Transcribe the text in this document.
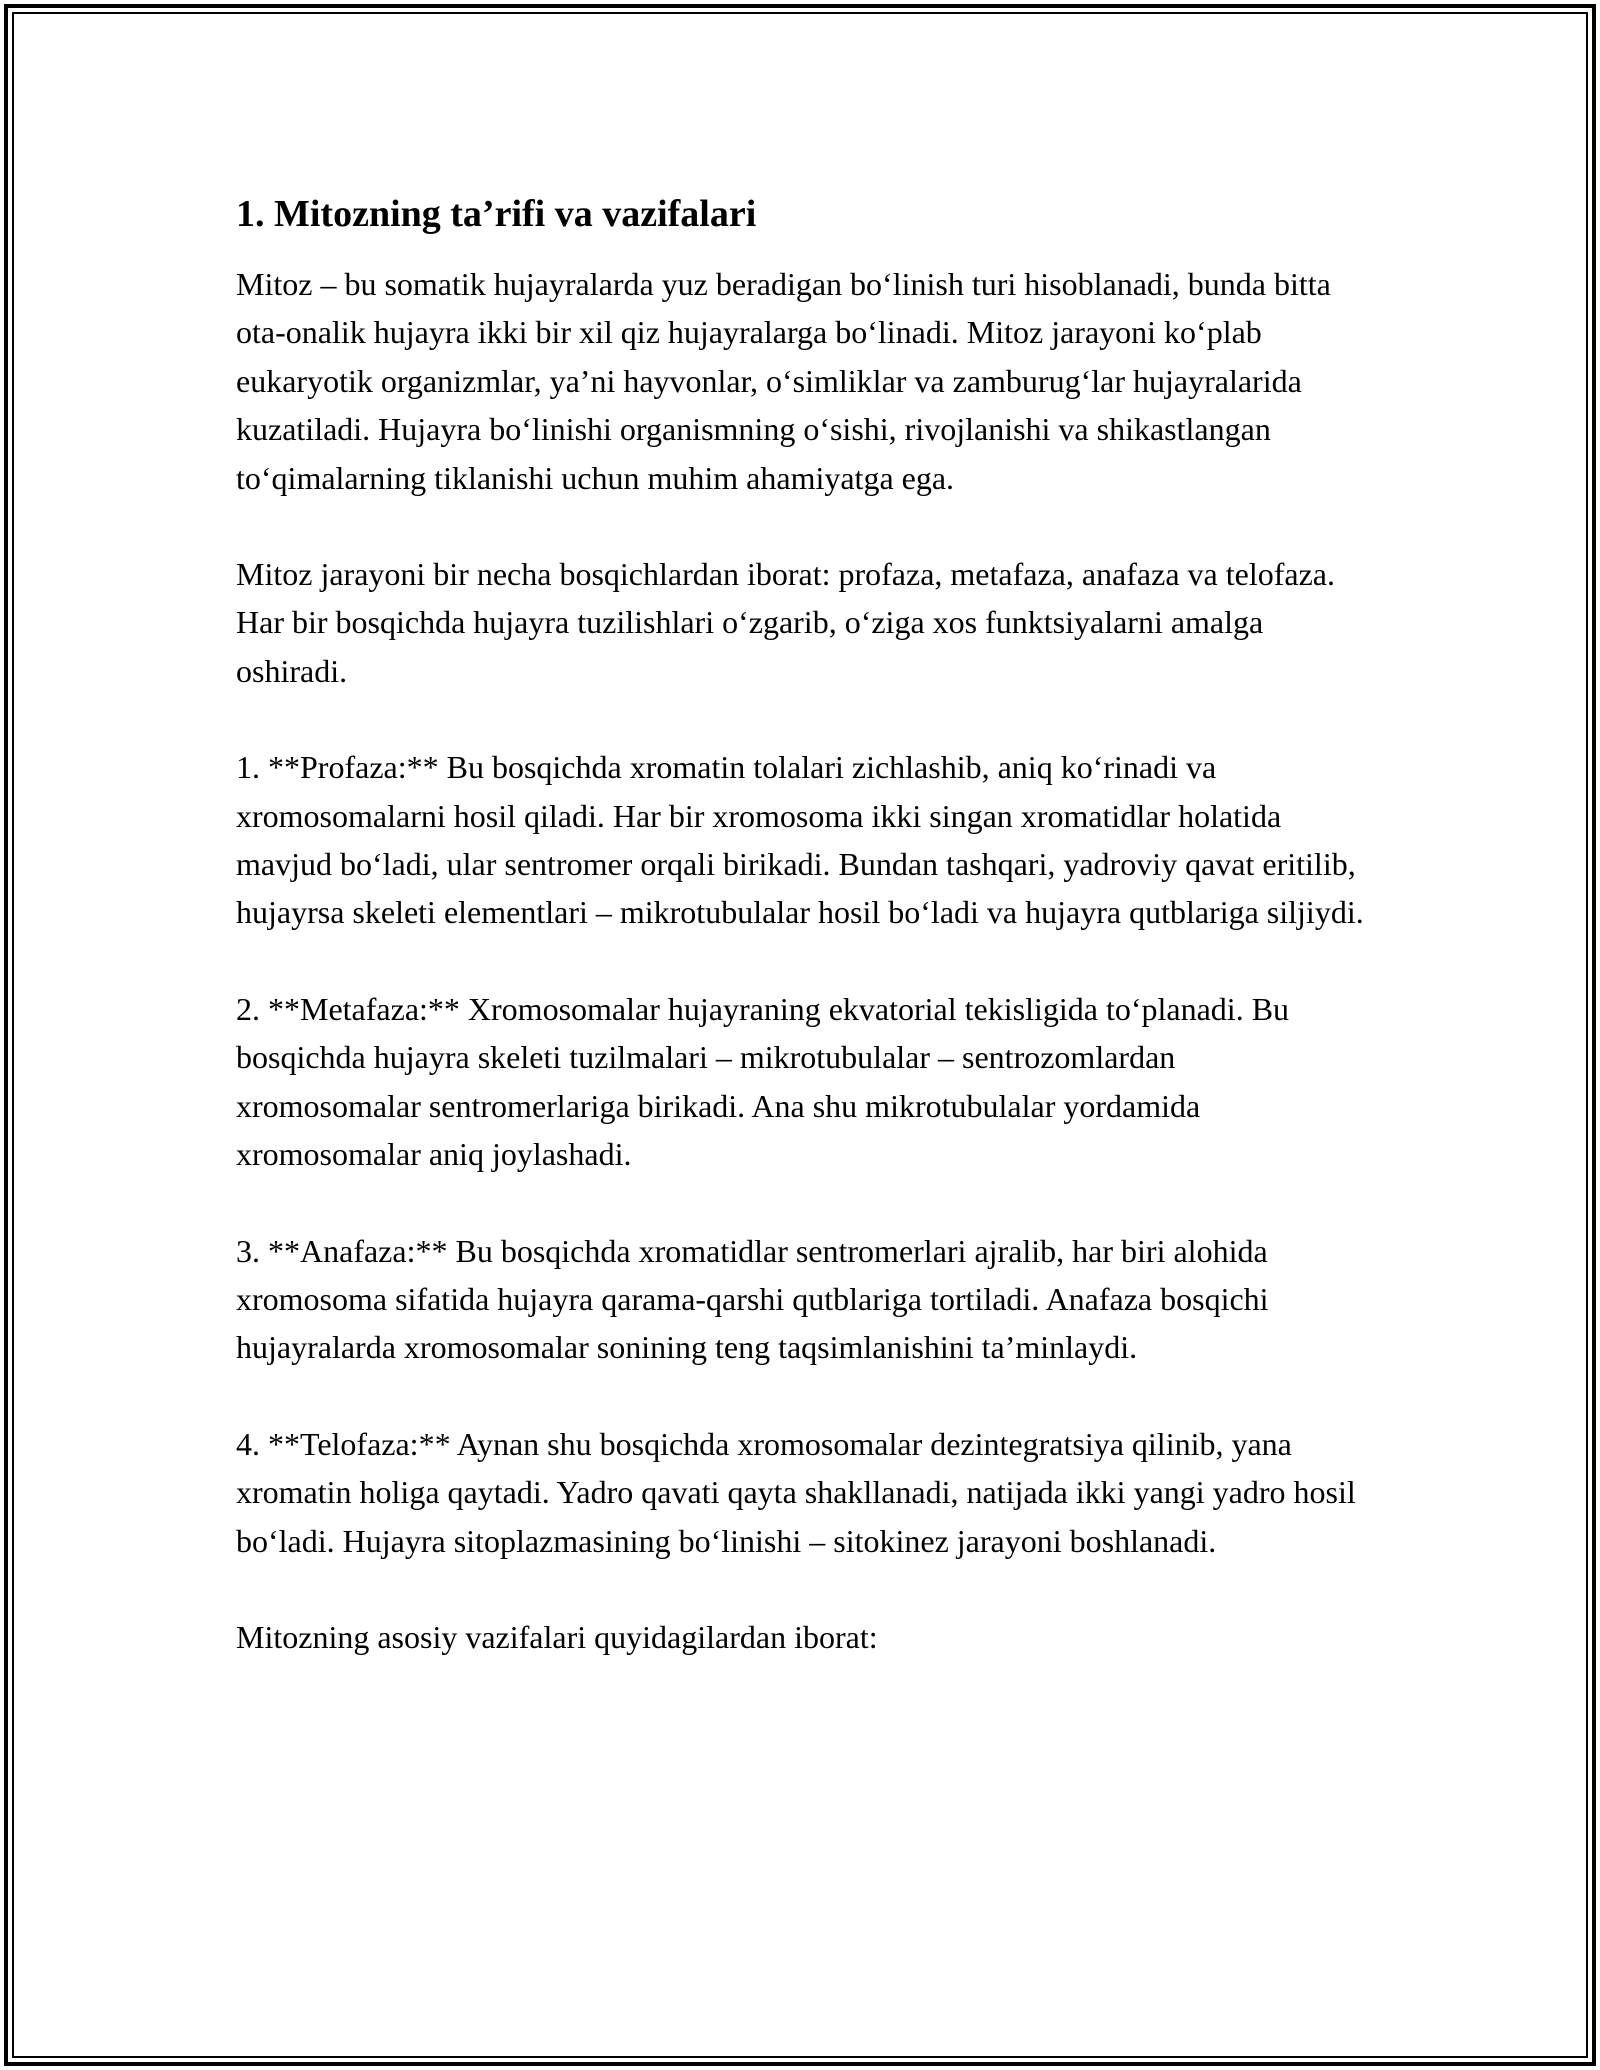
1. Mitozning ta’rifi va vazifalari

Mitoz – bu somatik hujayralarda yuz beradigan bo‘linish turi hisoblanadi, bunda bitta ota-onalik hujayra ikki bir xil qiz hujayralarga bo‘linadi. Mitoz jarayoni ko‘plab eukaryotik organizmlar, ya’ni hayvonlar, o‘simliklar va zamburug‘lar hujayralarida kuzatiladi. Hujayra bo‘linishi organismning o‘sishi, rivojlanishi va shikastlangan to‘qimalarning tiklanishi uchun muhim ahamiyatga ega.

Mitoz jarayoni bir necha bosqichlardan iborat: profaza, metafaza, anafaza va telofaza. Har bir bosqichda hujayra tuzilishlari o‘zgarib, o‘ziga xos funktsiyalarni amalga oshiradi.

1. **Profaza:** Bu bosqichda xromatin tolalari zichlashib, aniq ko‘rinadi va xromosomalarni hosil qiladi. Har bir xromosoma ikki singan xromatidlar holatida mavjud bo‘ladi, ular sentromer orqali birikadi. Bundan tashqari, yadroviy qavat eritilib, hujayrsa skeleti elementlari – mikrotubulalar hosil bo‘ladi va hujayra qutblariga siljiydi.

2. **Metafaza:** Xromosomalar hujayraning ekvatorial tekisligida to‘planadi. Bu bosqichda hujayra skeleti tuzilmalari – mikrotubulalar – sentrozomlardan xromosomalar sentromerlariga birikadi. Ana shu mikrotubulalar yordamida xromosomalar aniq joylashadi.

3. **Anafaza:** Bu bosqichda xromatidlar sentromerlari ajralib, har biri alohida xromosoma sifatida hujayra qarama-qarshi qutblariga tortiladi. Anafaza bosqichi hujayralarda xromosomalar sonining teng taqsimlanishini ta’minlaydi.

4. **Telofaza:** Aynan shu bosqichda xromosomalar dezintegratsiya qilinib, yana xromatin holiga qaytadi. Yadro qavati qayta shakllanadi, natijada ikki yangi yadro hosil bo‘ladi. Hujayra sitoplazmasining bo‘linishi – sitokinez jarayoni boshlanadi.

Mitozning asosiy vazifalari quyidagilardan iborat:
